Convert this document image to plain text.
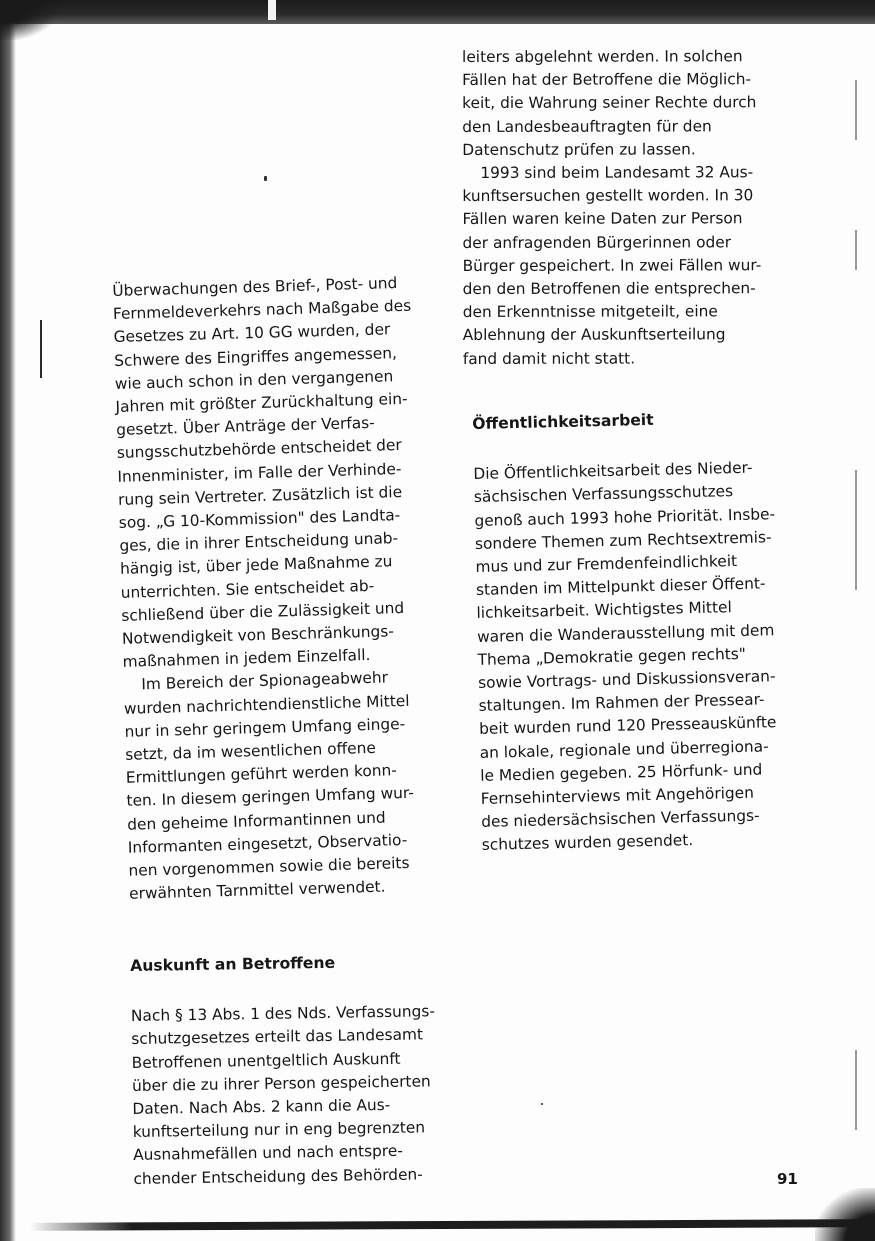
Überwachungen des Brief-, Post- und

Fernmeldeverkehrs nach Maßgabe des

Gesetzes zu Art. 10 GG wurden, der

Schwere des Eingriffes angemessen,

wie auch schon in den vergangenen

Jahren mit größter Zurückhaltung ein-

gesetzt. Über Anträge der Verfas-

sungsschutzbehörde entscheidet der

Innenminister, im Falle der Verhinde-

rung sein Vertreter. Zusätzlich ist die

sog. „G 10-Kommission" des Landta-

ges, die in ihrer Entscheidung unab-

hängig ist, über jede Maßnahme zu

unterrichten. Sie entscheidet ab-

schließend über die Zulässigkeit und

Notwendigkeit von Beschränkungs-

maßnahmen in jedem Einzelfall.

Im Bereich der Spionageabwehr

wurden nachrichtendienstliche Mittel

nur in sehr geringem Umfang einge-

setzt, da im wesentlichen offene

Ermittlungen geführt werden konn-

ten. In diesem geringen Umfang wur-

den geheime Informantinnen und

Informanten eingesetzt, Observatio-

nen vorgenommen sowie die bereits

erwähnten Tarnmittel verwendet.

Auskunft an Betroffene

Nach § 13 Abs. 1 des Nds. Verfassungs-

schutzgesetzes erteilt das Landesamt

Betroffenen unentgeltlich Auskunft

über die zu ihrer Person gespeicherten

Daten. Nach Abs. 2 kann die Aus-

kunftserteilung nur in eng begrenzten

Ausnahmefällen und nach entspre-

chender Entscheidung des Behörden-

leiters abgelehnt werden. In solchen

Fällen hat der Betroffene die Möglich-

keit, die Wahrung seiner Rechte durch

den Landesbeauftragten für den

Datenschutz prüfen zu lassen.

1993 sind beim Landesamt 32 Aus-

kunftsersuchen gestellt worden. In 30

Fällen waren keine Daten zur Person

der anfragenden Bürgerinnen oder

Bürger gespeichert. In zwei Fällen wur-

den den Betroffenen die entsprechen-

den Erkenntnisse mitgeteilt, eine

Ablehnung der Auskunftserteilung

fand damit nicht statt.

Öffentlichkeitsarbeit

Die Öffentlichkeitsarbeit des Nieder-

sächsischen Verfassungsschutzes

genoß auch 1993 hohe Priorität. Insbe-

sondere Themen zum Rechtsextremis-

mus und zur Fremdenfeindlichkeit

standen im Mittelpunkt dieser Öffent-

lichkeitsarbeit. Wichtigstes Mittel

waren die Wanderausstellung mit dem

Thema „Demokratie gegen rechts"

sowie Vortrags- und Diskussionsveran-

staltungen. Im Rahmen der Pressear-

beit wurden rund 120 Presseauskünfte

an lokale, regionale und überregiona-

le Medien gegeben. 25 Hörfunk- und

Fernsehinterviews mit Angehörigen

des niedersächsischen Verfassungs-

schutzes wurden gesendet.

91
